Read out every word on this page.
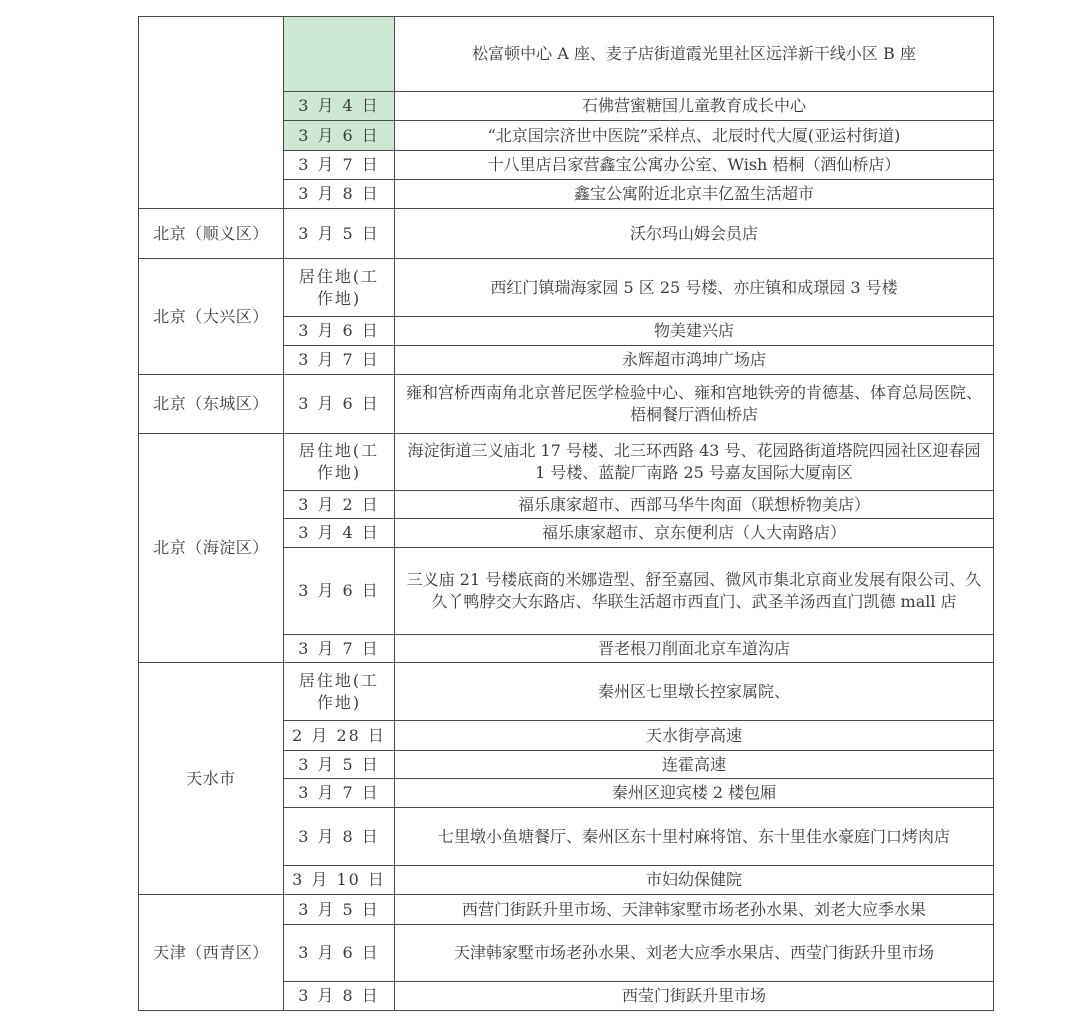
		松富顿中心 A 座、麦子店街道霞光里社区远洋新干线小区 B 座
	3 月 4 日	石佛营蜜糖国儿童教育成长中心
	3 月 6 日	“北京国宗济世中医院”采样点、北辰时代大厦(亚运村街道)
	3 月 7 日	十八里店吕家营鑫宝公寓办公室、Wish 梧桐（酒仙桥店）
	3 月 8 日	鑫宝公寓附近北京丰亿盈生活超市
北京（顺义区）	3 月 5 日	沃尔玛山姆会员店
北京（大兴区）	居住地(工作地)	西红门镇瑞海家园 5 区 25 号楼、亦庄镇和成璟园 3 号楼
	3 月 6 日	物美建兴店
	3 月 7 日	永辉超市鸿坤广场店
北京（东城区）	3 月 6 日	雍和宫桥西南角北京普尼医学检验中心、雍和宫地铁旁的肯德基、体育总局医院、梧桐餐厅酒仙桥店
北京（海淀区）	居住地(工作地)	海淀街道三义庙北 17 号楼、北三环西路 43 号、花园路街道塔院四园社区迎春园 1 号楼、蓝靛厂南路 25 号嘉友国际大厦南区
	3 月 2 日	福乐康家超市、西部马华牛肉面（联想桥物美店）
	3 月 4 日	福乐康家超市、京东便利店（人大南路店）
	3 月 6 日	三义庙 21 号楼底商的米娜造型、舒至嘉园、微风市集北京商业发展有限公司、久久丫鸭脖交大东路店、华联生活超市西直门、武圣羊汤西直门凯德 mall 店
	3 月 7 日	晋老根刀削面北京车道沟店
天水市	居住地(工作地)	秦州区七里墩长控家属院、
	2 月 28 日	天水街亭高速
	3 月 5 日	连霍高速
	3 月 7 日	秦州区迎宾楼 2 楼包厢
	3 月 8 日	七里墩小鱼塘餐厅、秦州区东十里村麻将馆、东十里佳水豪庭门口烤肉店
	3 月 10 日	市妇幼保健院
天津（西青区）	3 月 5 日	西营门街跃升里市场、天津韩家墅市场老孙水果、刘老大应季水果
	3 月 6 日	天津韩家墅市场老孙水果、刘老大应季水果店、西莹门街跃升里市场
	3 月 8 日	西莹门街跃升里市场
